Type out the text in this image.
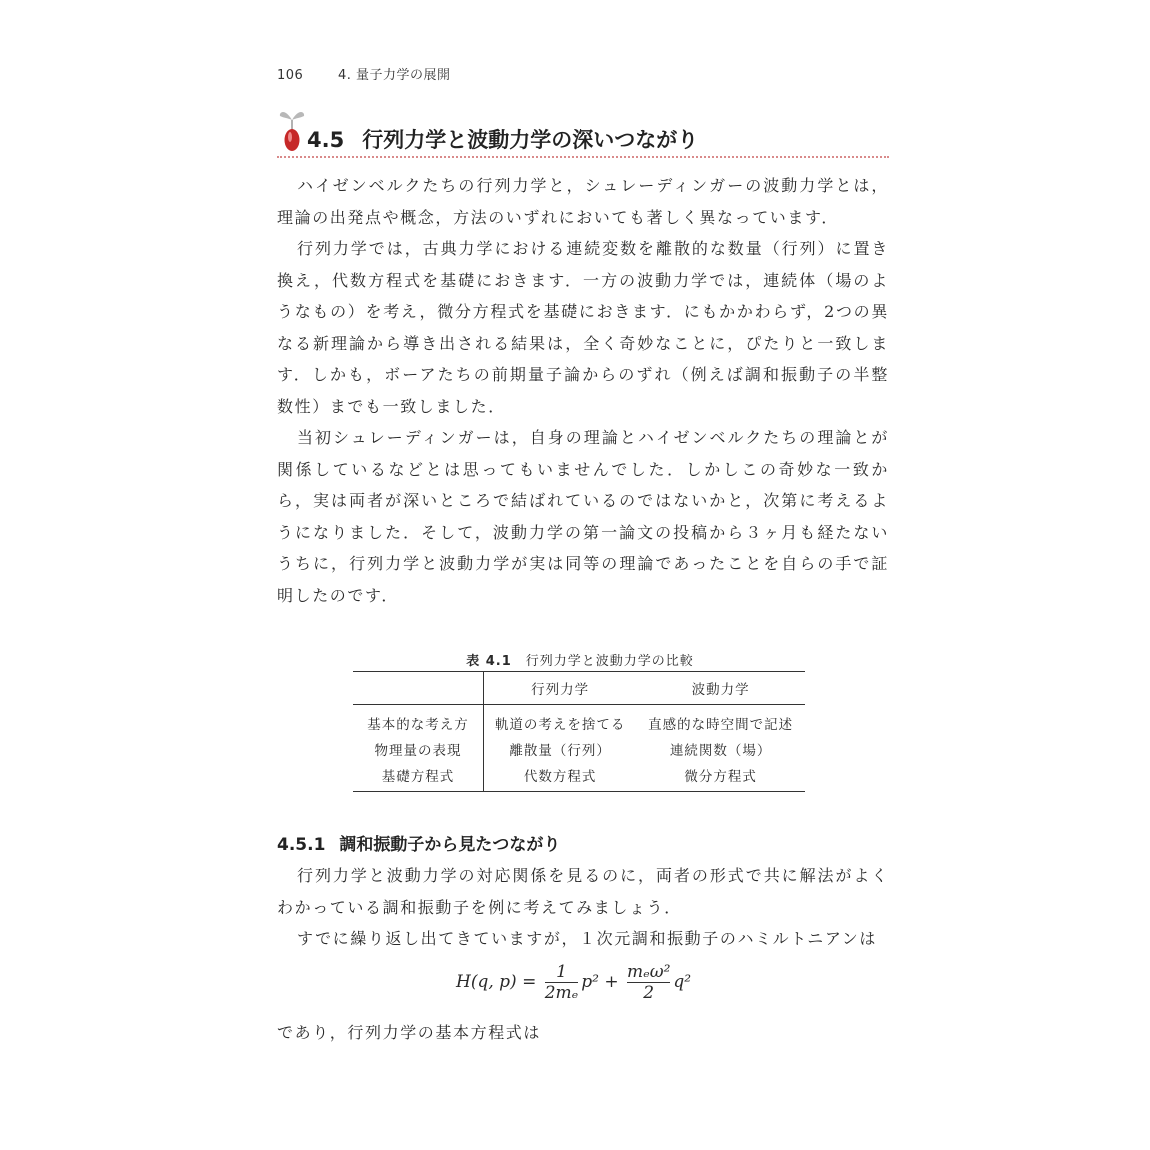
106	4. 量子力学の展開
4.5 行列力学と波動力学の深いつながり

ハイゼンベルクたちの行列力学と，シュレーディンガーの波動力学とは，理論の出発点や概念，方法のいずれにおいても著しく異なっています．

行列力学では，古典力学における連続変数を離散的な数量（行列）に置き換え，代数方程式を基礎におきます．一方の波動力学では，連続体（場のようなもの）を考え，微分方程式を基礎におきます．にもかかわらず，2つの異なる新理論から導き出される結果は，全く奇妙なことに，ぴたりと一致します．しかも，ボーアたちの前期量子論からのずれ（例えば調和振動子の半整数性）までも一致しました．

当初シュレーディンガーは，自身の理論とハイゼンベルクたちの理論とが関係しているなどとは思ってもいませんでした．しかしこの奇妙な一致から，実は両者が深いところで結ばれているのではないかと，次第に考えるようになりました．そして，波動力学の第一論文の投稿から３ヶ月も経たないうちに，行列力学と波動力学が実は同等の理論であったことを自らの手で証明したのです．

表 4.1 行列力学と波動力学の比較
	行列力学	波動力学
基本的な考え方	軌道の考えを捨てる	直感的な時空間で記述
物理量の表現	離散量（行列）	連続関数（場）
基礎方程式	代数方程式	微分方程式
4.5.1 調和振動子から見たつながり

行列力学と波動力学の対応関係を見るのに，両者の形式で共に解法がよくわかっている調和振動子を例に考えてみましょう．

すでに繰り返し出てきていますが，１次元調和振動子のハミルトニアンは

H(q, $p) = \frac{1}{\text{2mₑ}} p^2 + \frac{\text{mₑω²}}{2} q^2$

であり，行列力学の基本方程式は
